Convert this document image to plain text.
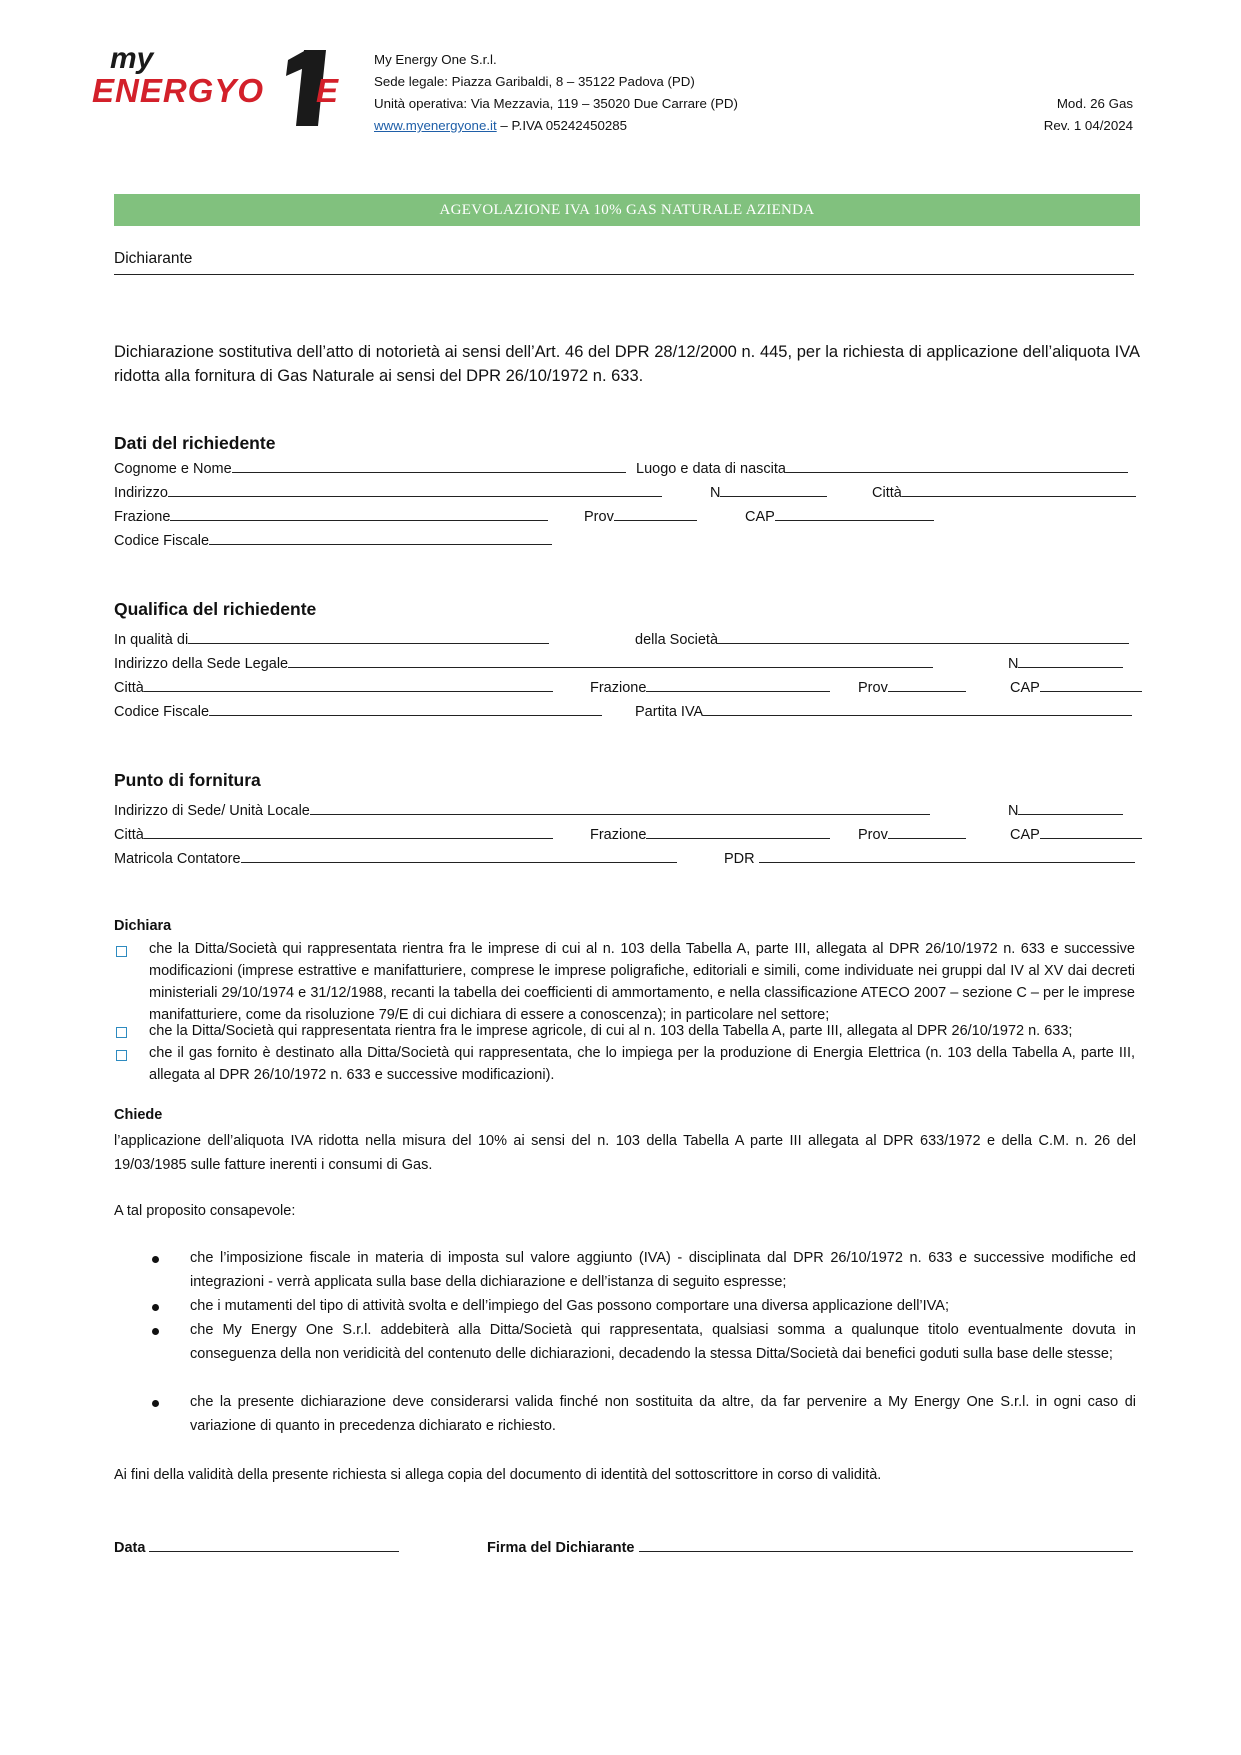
my
ENERGYO E
My Energy One S.r.l.
Sede legale: Piazza Garibaldi, 8 – 35122 Padova (PD)
Unità operativa: Via Mezzavia, 119 – 35020 Due Carrare (PD)
www.myenergyone.it – P.IVA 05242450285
Mod. 26 Gas
Rev. 1 04/2024
AGEVOLAZIONE IVA 10% GAS NATURALE AZIENDA
Dichiarante
Dichiarazione sostitutiva dell’atto di notorietà ai sensi dell’Art. 46 del DPR 28/12/2000 n. 445, per la richiesta di applicazione dell’aliquota IVA ridotta alla fornitura di Gas Naturale ai sensi del DPR 26/10/1972 n. 633.
Dati del richiedente
Cognome e Nome	Luogo e data di nascita
Indirizzo	N	Città
Frazione	Prov	CAP
Codice Fiscale
Qualifica del richiedente
In qualità di	della Società
Indirizzo della Sede Legale	N
Città	Frazione	Prov	CAP
Codice Fiscale	Partita IVA
Punto di fornitura
Indirizzo di Sede/ Unità Locale	N
Città	Frazione	Prov	CAP
Matricola Contatore	PDR
Dichiara
che la Ditta/Società qui rappresentata rientra fra le imprese di cui al n. 103 della Tabella A, parte III, allegata al DPR 26/10/1972 n. 633 e successive modificazioni (imprese estrattive e manifatturiere, comprese le imprese poligrafiche, editoriali e simili, come individuate nei gruppi dal IV al XV dai decreti ministeriali 29/10/1974 e 31/12/1988, recanti la tabella dei coefficienti di ammortamento, e nella classificazione ATECO 2007 – sezione C – per le imprese manifatturiere, come da risoluzione 79/E di cui dichiara di essere a conoscenza); in particolare nel settore;
che la Ditta/Società qui rappresentata rientra fra le imprese agricole, di cui al n. 103 della Tabella A, parte III, allegata al DPR 26/10/1972 n. 633;
che il gas fornito è destinato alla Ditta/Società qui rappresentata, che lo impiega per la produzione di Energia Elettrica (n. 103 della Tabella A, parte III, allegata al DPR 26/10/1972 n. 633 e successive modificazioni).
Chiede
l’applicazione dell’aliquota IVA ridotta nella misura del 10% ai sensi del n. 103 della Tabella A parte III allegata al DPR 633/1972 e della C.M. n. 26 del 19/03/1985 sulle fatture inerenti i consumi di Gas.
A tal proposito consapevole:
che l’imposizione fiscale in materia di imposta sul valore aggiunto (IVA) - disciplinata dal DPR 26/10/1972 n. 633 e successive modifiche ed integrazioni - verrà applicata sulla base della dichiarazione e dell’istanza di seguito espresse;
che i mutamenti del tipo di attività svolta e dell’impiego del Gas possono comportare una diversa applicazione dell’IVA;
che My Energy One S.r.l. addebiterà alla Ditta/Società qui rappresentata, qualsiasi somma a qualunque titolo eventualmente dovuta in conseguenza della non veridicità del contenuto delle dichiarazioni, decadendo la stessa Ditta/Società dai benefici goduti sulla base delle stesse;
che la presente dichiarazione deve considerarsi valida finché non sostituita da altre, da far pervenire a My Energy One S.r.l. in ogni caso di variazione di quanto in precedenza dichiarato e richiesto.
Ai fini della validità della presente richiesta si allega copia del documento di identità del sottoscrittore in corso di validità.
Data	Firma del Dichiarante
